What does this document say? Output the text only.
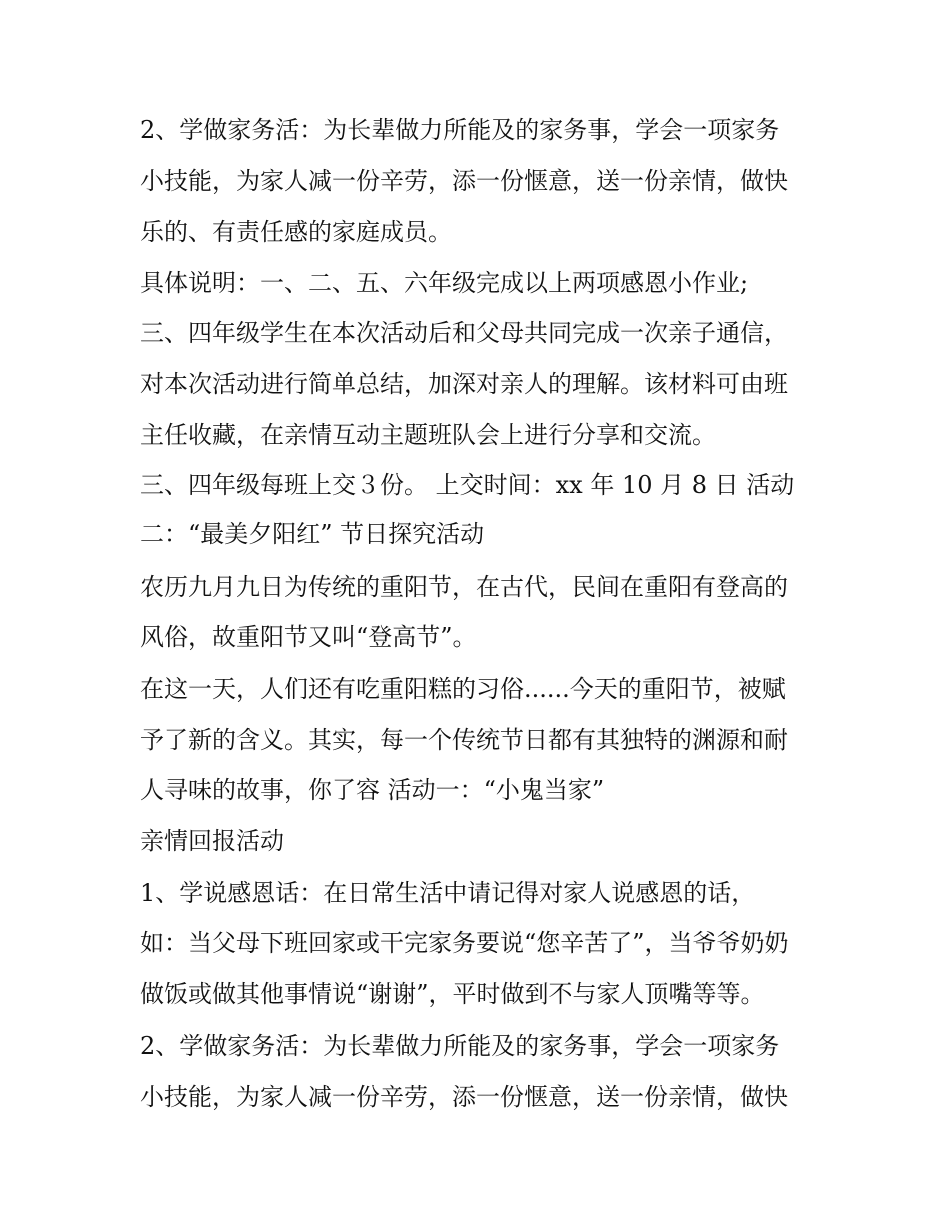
2、学做家务活：为长辈做力所能及的家务事，学会一项家务

小技能，为家人减一份辛劳，添一份惬意，送一份亲情，做快

乐的、有责任感的家庭成员。

具体说明：一、二、五、六年级完成以上两项感恩小作业;

三、四年级学生在本次活动后和父母共同完成一次亲子通信，

对本次活动进行简单总结，加深对亲人的理解。该材料可由班

主任收藏，在亲情互动主题班队会上进行分享和交流。

三、四年级每班上交３份。 上交时间：xx 年 10 月 8 日 活动

二：“最美夕阳红” 节日探究活动

农历九月九日为传统的重阳节，在古代，民间在重阳有登高的

风俗，故重阳节又叫“登高节”。

在这一天，人们还有吃重阳糕的习俗......今天的重阳节，被赋

予了新的含义。其实，每一个传统节日都有其独特的渊源和耐

人寻味的故事，你了容 活动一：“小鬼当家”

亲情回报活动

1、学说感恩话：在日常生活中请记得对家人说感恩的话，

如：当父母下班回家或干完家务要说“您辛苦了”，当爷爷奶奶

做饭或做其他事情说“谢谢”，平时做到不与家人顶嘴等等。

2、学做家务活：为长辈做力所能及的家务事，学会一项家务

小技能，为家人减一份辛劳，添一份惬意，送一份亲情，做快
